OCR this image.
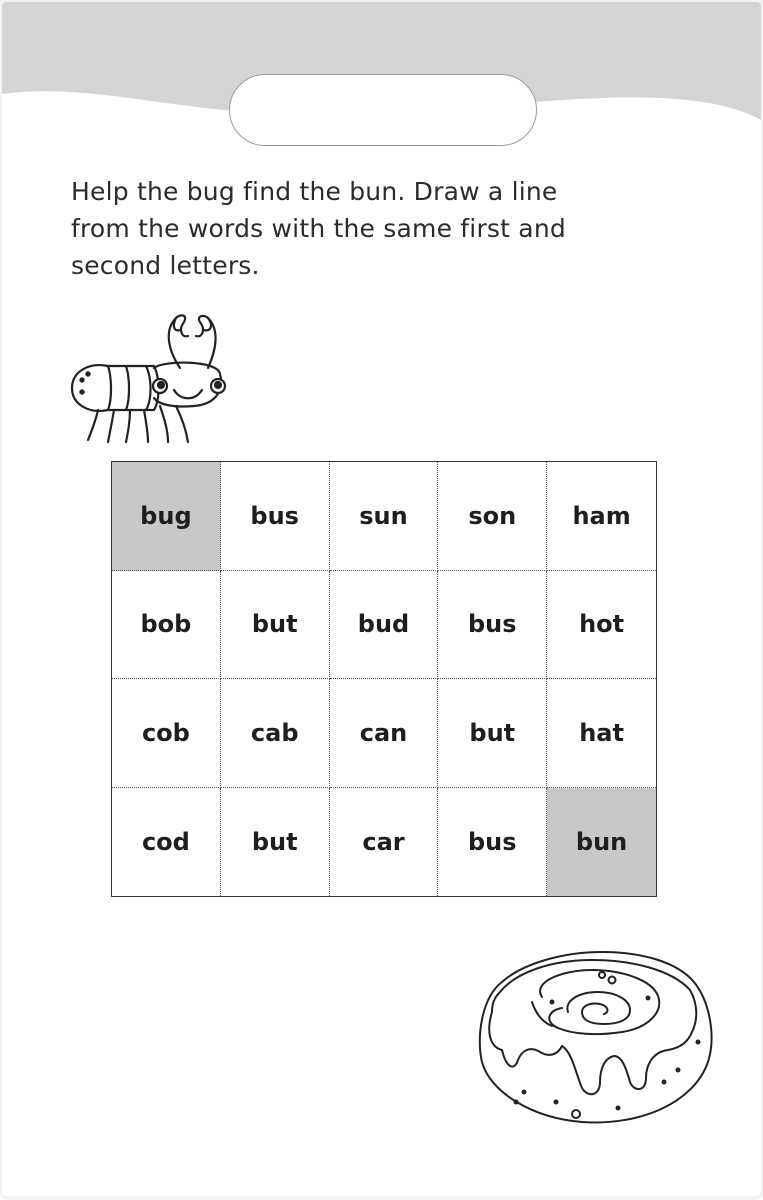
Help the bug find the bun. Draw a line
from the words with the same first and
second letters.
bug	bus	sun	son	ham
bob	but	bud	bus	hot
cob	cab	can	but	hat
cod	but	car	bus	bun
